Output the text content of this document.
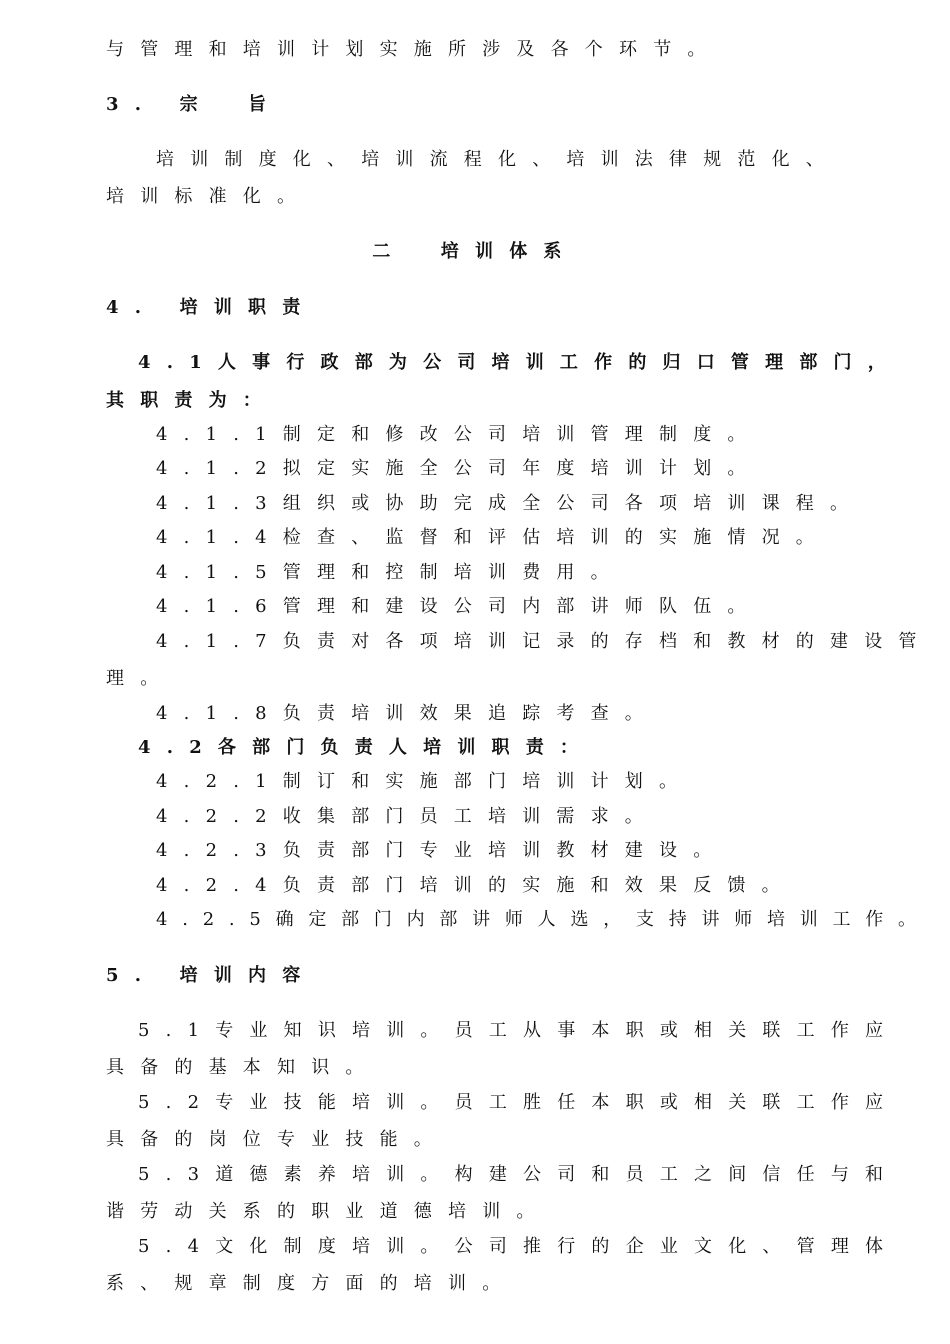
与管理和培训计划实施所涉及各个环节。
3. 宗　旨
培训制度化、培训流程化、培训法律规范化、
培训标准化。
二　培训体系
4. 培训职责
4.1人事行政部为公司培训工作的归口管理部门，
其职责为：
4.1.1制定和修改公司培训管理制度。
4.1.2拟定实施全公司年度培训计划。
4.1.3组织或协助完成全公司各项培训课程。
4.1.4检查、监督和评估培训的实施情况。
4.1.5管理和控制培训费用。
4.1.6管理和建设公司内部讲师队伍。
4.1.7负责对各项培训记录的存档和教材的建设管
理。
4.1.8负责培训效果追踪考查。
4.2各部门负责人培训职责：
4.2.1制订和实施部门培训计划。
4.2.2收集部门员工培训需求。
4.2.3负责部门专业培训教材建设。
4.2.4负责部门培训的实施和效果反馈。
4.2.5确定部门内部讲师人选，支持讲师培训工作。
5. 培训内容
5.1专业知识培训。员工从事本职或相关联工作应
具备的基本知识。
5.2专业技能培训。员工胜任本职或相关联工作应
具备的岗位专业技能。
5.3道德素养培训。构建公司和员工之间信任与和
谐劳动关系的职业道德培训。
5.4文化制度培训。公司推行的企业文化、管理体
系、规章制度方面的培训。
